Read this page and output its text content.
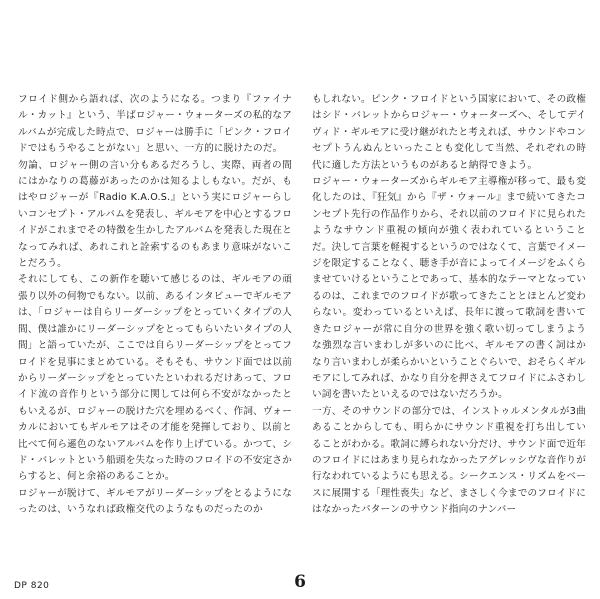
フロイド側から語れば、次のようになる。つまり『ファイナル・カット』という、半ばロジャー・ウォーターズの私的なアルバムが完成した時点で、ロジャーは勝手に「ピンク・フロイドではもうやることがない」と思い、一方的に脱けたのだ。

勿論、ロジャー側の言い分もあるだろうし、実際、両者の間にはかなりの葛藤があったのかは知るよしもない。だが、もはやロジャーが『Radio K.A.O.S.』という実にロジャーらしいコンセプト・アルバムを発表し、ギルモアを中心とするフロイドがこれまでその特徴を生かしたアルバムを発表した現在となってみれば、あれこれと詮索するのもあまり意味がないことだろう。

それにしても、この新作を聴いて感じるのは、ギルモアの頑張り以外の何物でもない。以前、あるインタビューでギルモアは、「ロジャーは自らリーダーシップをとっていくタイプの人間、僕は誰かにリーダーシップをとってもらいたいタイプの人間」と語っていたが、ここでは自らリーダーシップをとってフロイドを見事にまとめている。そもそも、サウンド面では以前からリーダーシップをとっていたといわれるだけあって、フロイド流の音作りという部分に関しては何ら不安がなかったともいえるが、ロジャーの脱けた穴を埋めるべく、作詞、ヴォーカルにおいてもギルモアはその才能を発揮しており、以前と比べて何ら遜色のないアルバムを作り上げている。かつて、シド・バレットという船頭を失なった時のフロイドの不安定さからすると、何と余裕のあることか。

ロジャーが脱けて、ギルモアがリーダーシップをとるようになったのは、いうなれば政権交代のようなものだったのか

もしれない。ピンク・フロイドという国家において、その政権はシド・バレットからロジャー・ウォーターズへ、そしてデイヴィド・ギルモアに受け継がれたと考えれば、サウンドやコンセプトうんぬんといったことも変化して当然、それぞれの時代に適した方法というものがあると納得できよう。

ロジャー・ウォーターズからギルモア主導権が移って、最も変化したのは、『狂気』から『ザ・ウォール』まで続いてきたコンセプト先行の作品作りから、それ以前のフロイドに見られたようなサウンド重視の傾向が強く表われているということだ。決して言葉を軽視するというのではなくて、言葉でイメージを限定することなく、聴き手が音によってイメージをふくらませていけるということであって、基本的なテーマとなっているのは、これまでのフロイドが歌ってきたこととほとんど変わらない。変わっているといえば、長年に渡って歌詞を書いてきたロジャーが常に自分の世界を強く歌い切ってしまうような強烈な言いまわしが多いのに比べ、ギルモアの書く詞はかなり言いまわしが柔らかいということぐらいで、おそらくギルモアにしてみれば、かなり自分を押さえてフロイドにふさわしい詞を書いたといえるのではないだろうか。

一方、そのサウンドの部分では、インストゥルメンタルが3曲あることからしても、明らかにサウンド重視を打ち出していることがわかる。歌詞に縛られない分だけ、サウンド面で近年のフロイドにはあまり見られなかったアグレッシヴな音作りが行なわれているようにも思える。シークエンス・リズムをベースに展開する「理性喪失」など、まさしく今までのフロイドにはなかったパターンのサウンド指向のナンバー

DP 820	6
